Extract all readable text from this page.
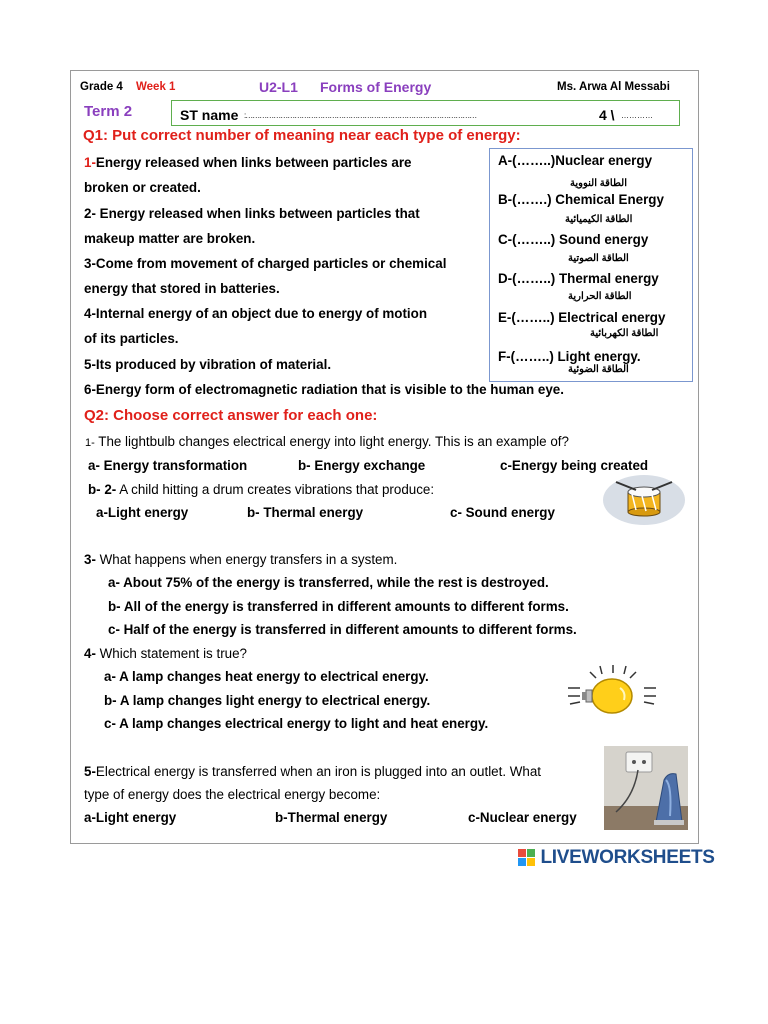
Grade 4 Week 1	U2-L1 Forms of Energy	Ms. Arwa Al Messabi
Term 2	ST name :………………………………………………………………………………………	4 \ …………
Q1: Put correct number of meaning near each type of energy:
1-Energy released when links between particles are
broken or created.
2- Energy released when links between particles that
makeup matter are broken.
3-Come from movement of charged particles or chemical
energy that stored in batteries.
4-Internal energy of an object due to energy of motion
of its particles.
5-Its produced by vibration of material.
6-Energy form of electromagnetic radiation that is visible to the human eye.
A-(……..)Nuclear energy
الطاقة النووية
B-(…….) Chemical Energy
الطاقة الكيميائية
C-(……..) Sound energy
الطاقة الصوتية
D-(……..) Thermal energy
الطاقة الحرارية
E-(……..) Electrical energy
الطاقة الكهربائية
F-(……..) Light energy.
الطاقة الضوئية
Q2: Choose correct answer for each one:
1- The lightbulb changes electrical energy into light energy. This is an example of?
a- Energy transformation	b- Energy exchange	c-Energy being created
b- 2- A child hitting a drum creates vibrations that produce:
a-Light energy	b- Thermal energy	c- Sound energy
3- What happens when energy transfers in a system.
a- About 75% of the energy is transferred, while the rest is destroyed.
b- All of the energy is transferred in different amounts to different forms.
c- Half of the energy is transferred in different amounts to different forms.
4- Which statement is true?
a- A lamp changes heat energy to electrical energy.
b- A lamp changes light energy to electrical energy.
c- A lamp changes electrical energy to light and heat energy.
5-Electrical energy is transferred when an iron is plugged into an outlet. What
type of energy does the electrical energy become:
a-Light energy	b-Thermal energy	c-Nuclear energy
LIVEWORKSHEETS
